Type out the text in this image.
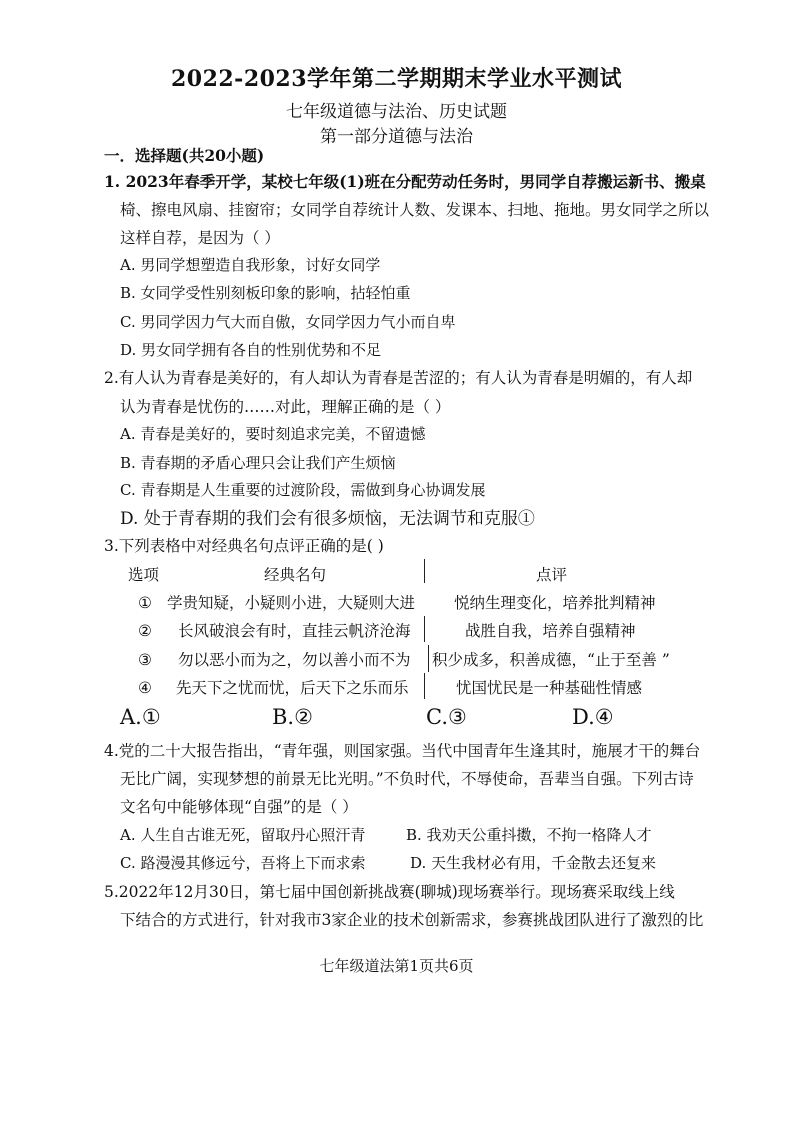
2022-2023学年第二学期期末学业水平测试
七年级道德与法治、历史试题
第一部分道德与法治
一．选择题(共20小题)
1. 2023年春季开学，某校七年级(1)班在分配劳动任务时，男同学自荐搬运新书、搬桌
椅、擦电风扇、挂窗帘；女同学自荐统计人数、发课本、扫地、拖地。男女同学之所以
这样自荐，是因为（ ）
A. 男同学想塑造自我形象，讨好女同学
B. 女同学受性别刻板印象的影响，拈轻怕重
C. 男同学因力气大而自傲，女同学因力气小而自卑
D. 男女同学拥有各自的性别优势和不足
2.有人认为青春是美好的，有人却认为青春是苦涩的；有人认为青春是明媚的，有人却
认为青春是忧伤的……对此，理解正确的是（ ）
A. 青春是美好的，要时刻追求完美，不留遗憾
B. 青春期的矛盾心理只会让我们产生烦恼
C. 青春期是人生重要的过渡阶段，需做到身心协调发展
D. 处于青春期的我们会有很多烦恼，无法调节和克服①
3.下列表格中对经典名句点评正确的是( )
选项	经典名句	点评
① 学贵知疑，小疑则小进，大疑则大进	悦纳生理变化，培养批判精神
② 长风破浪会有时，直挂云帆济沧海	战胜自我，培养自强精神
③ 勿以恶小而为之，勿以善小而不为 积少成多，积善成德，“止于至善 ”
④ 先天下之忧而忧，后天下之乐而乐	忧国忧民是一种基础性情感
A.①	B.②	C.③	D.④
4.党的二十大报告指出，“青年强，则国家强。当代中国青年生逢其时，施展才干的舞台
无比广阔，实现梦想的前景无比光明。”不负时代，不辱使命，吾辈当自强。下列古诗
文名句中能够体现“自强”的是（ ）
A. 人生自古谁无死，留取丹心照汗青	B. 我劝天公重抖擞，不拘一格降人才
C. 路漫漫其修远兮，吾将上下而求索	D. 天生我材必有用，千金散去还复来
5.2022年12月30日，第七届中国创新挑战赛(聊城)现场赛举行。现场赛采取线上线
下结合的方式进行，针对我市3家企业的技术创新需求，参赛挑战团队进行了激烈的比
七年级道法第1页共6页
